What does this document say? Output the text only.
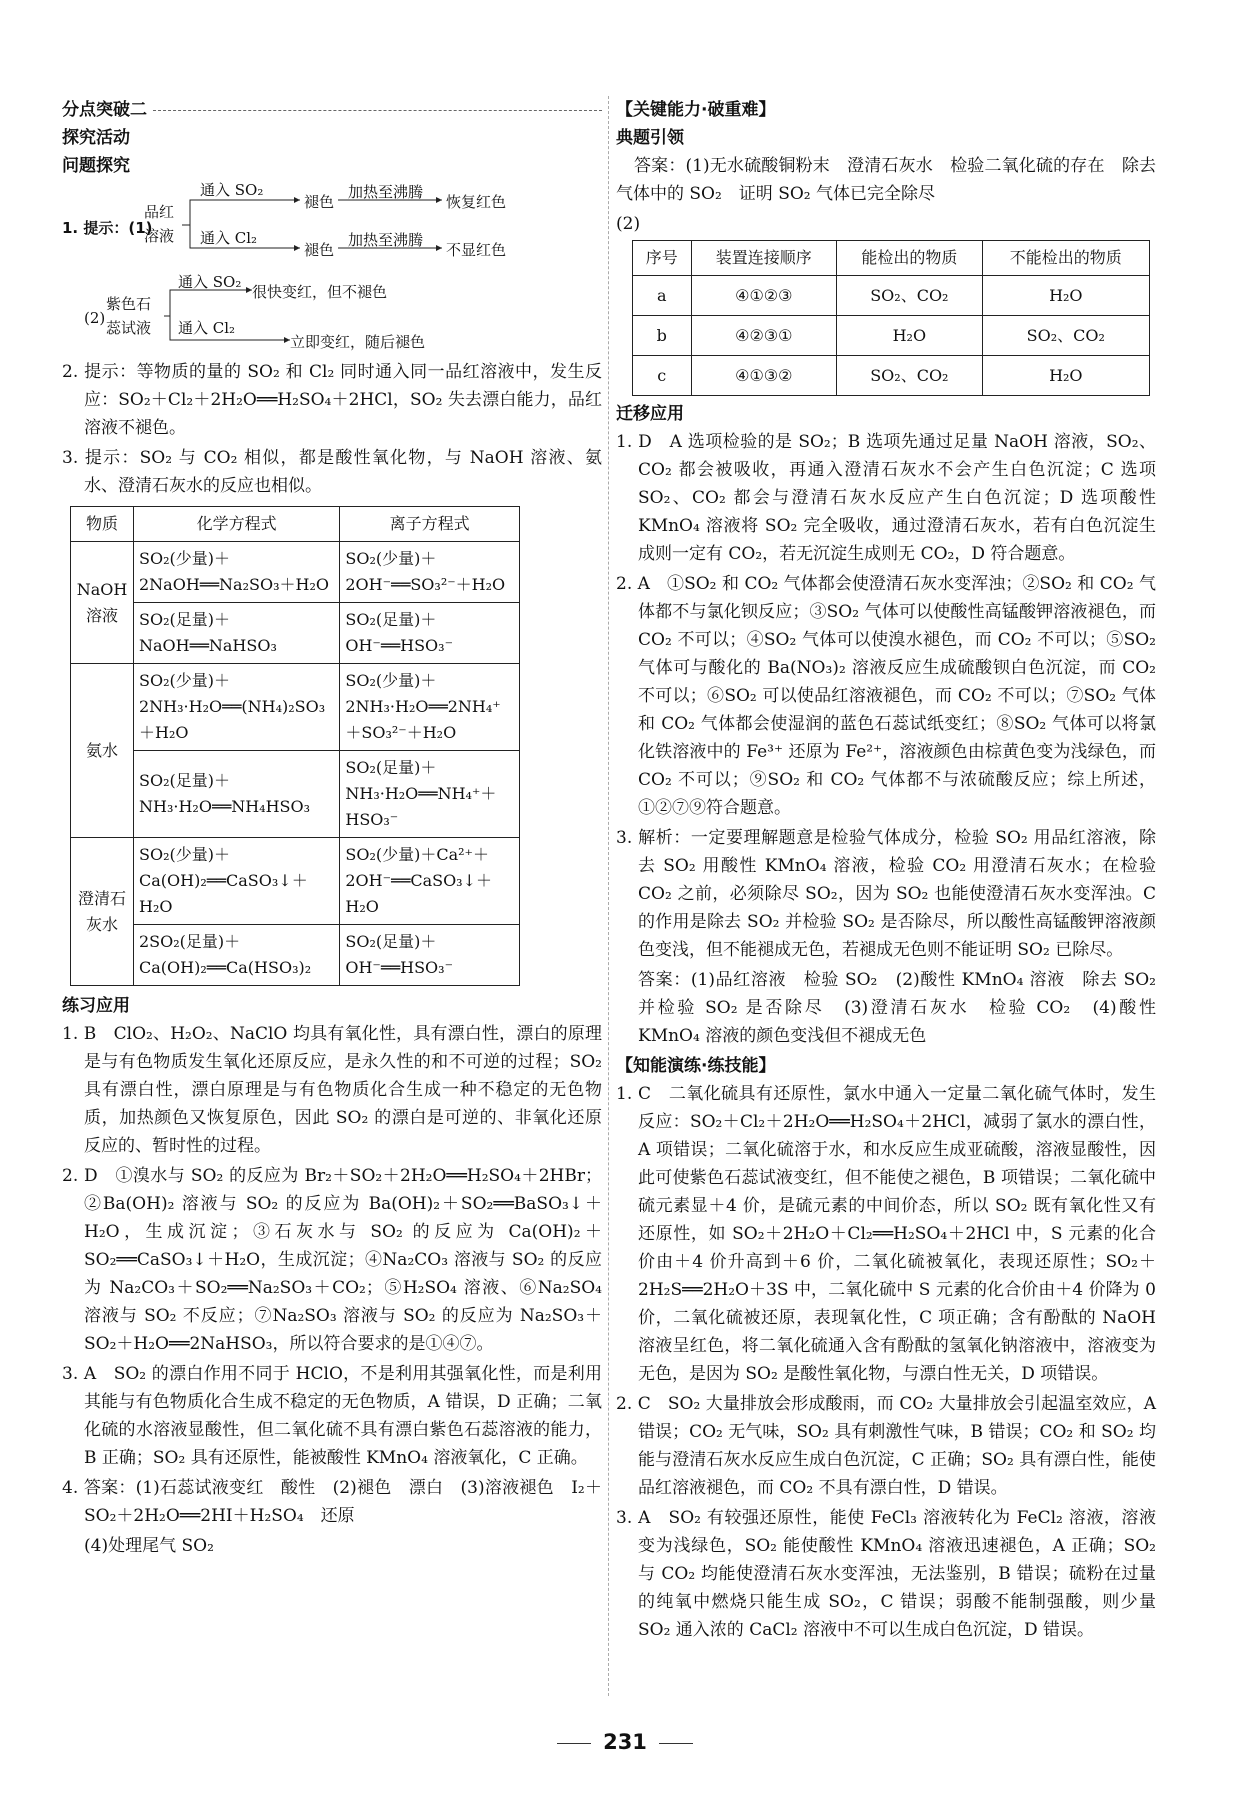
分点突破二
探究活动
问题探究
1. 提示：(1)
品红溶液
通入 SO₂
褪色
加热至沸腾
恢复红色
通入 Cl₂
褪色
加热至沸腾
不显红色
(2)
紫色石蕊试液
通入 SO₂
很快变红，但不褪色
通入 Cl₂
立即变红，随后褪色

2. 提示：等物质的量的 SO₂ 和 Cl₂ 同时通入同一品红溶液中，发生反应：SO₂＋Cl₂＋2H₂O══H₂SO₄＋2HCl，SO₂ 失去漂白能力，品红溶液不褪色。

3. 提示：SO₂ 与 CO₂ 相似，都是酸性氧化物，与 NaOH 溶液、氨水、澄清石灰水的反应也相似。

物质	化学方程式	离子方程式
NaOH溶液	SO₂(少量)＋2NaOH══Na₂SO₃＋H₂O	SO₂(少量)＋2OH⁻══SO₃²⁻＋H₂O
	SO₂(足量)＋NaOH══NaHSO₃	SO₂(足量)＋OH⁻══HSO₃⁻
氨水	SO₂(少量)＋2NH₃·H₂O══(NH₄)₂SO₃＋H₂O	SO₂(少量)＋2NH₃·H₂O══2NH₄⁺＋SO₃²⁻＋H₂O
	SO₂(足量)＋NH₃·H₂O══NH₄HSO₃	SO₂(足量)＋NH₃·H₂O══NH₄⁺＋HSO₃⁻
澄清石灰水	SO₂(少量)＋Ca(OH)₂══CaSO₃↓＋H₂O	SO₂(少量)＋Ca²⁺＋2OH⁻══CaSO₃↓＋H₂O
	2SO₂(足量)＋Ca(OH)₂══Ca(HSO₃)₂	SO₂(足量)＋OH⁻══HSO₃⁻
练习应用

1. B　ClO₂、H₂O₂、NaClO 均具有氧化性，具有漂白性，漂白的原理是与有色物质发生氧化还原反应，是永久性的和不可逆的过程；SO₂ 具有漂白性，漂白原理是与有色物质化合生成一种不稳定的无色物质，加热颜色又恢复原色，因此 SO₂ 的漂白是可逆的、非氧化还原反应的、暂时性的过程。

2. D　①溴水与 SO₂ 的反应为 Br₂＋SO₂＋2H₂O══H₂SO₄＋2HBr；②Ba(OH)₂ 溶液与 SO₂ 的反应为 Ba(OH)₂＋SO₂══BaSO₃↓＋H₂O，生成沉淀；③石灰水与 SO₂ 的反应为 Ca(OH)₂＋SO₂══CaSO₃↓＋H₂O，生成沉淀；④Na₂CO₃ 溶液与 SO₂ 的反应为 Na₂CO₃＋SO₂══Na₂SO₃＋CO₂；⑤H₂SO₄ 溶液、⑥Na₂SO₄ 溶液与 SO₂ 不反应；⑦Na₂SO₃ 溶液与 SO₂ 的反应为 Na₂SO₃＋SO₂＋H₂O══2NaHSO₃，所以符合要求的是①④⑦。

3. A　SO₂ 的漂白作用不同于 HClO，不是利用其强氧化性，而是利用其能与有色物质化合生成不稳定的无色物质，A 错误，D 正确；二氧化硫的水溶液显酸性，但二氧化硫不具有漂白紫色石蕊溶液的能力，B 正确；SO₂ 具有还原性，能被酸性 KMnO₄ 溶液氧化，C 正确。

4. 答案：(1)石蕊试液变红　酸性　(2)褪色　漂白　(3)溶液褪色　I₂＋SO₂＋2H₂O══2HI＋H₂SO₄　还原

(4)处理尾气 SO₂

【关键能力·破重难】
典题引领

答案：(1)无水硫酸铜粉末　澄清石灰水　检验二氧化硫的存在　除去气体中的 SO₂　证明 SO₂ 气体已完全除尽

(2)

序号	装置连接顺序	能检出的物质	不能检出的物质
a	④①②③	SO₂、CO₂	H₂O
b	④②③①	H₂O	SO₂、CO₂
c	④①③②	SO₂、CO₂	H₂O
迁移应用

1. D　A 选项检验的是 SO₂；B 选项先通过足量 NaOH 溶液，SO₂、CO₂ 都会被吸收，再通入澄清石灰水不会产生白色沉淀；C 选项 SO₂、CO₂ 都会与澄清石灰水反应产生白色沉淀；D 选项酸性 KMnO₄ 溶液将 SO₂ 完全吸收，通过澄清石灰水，若有白色沉淀生成则一定有 CO₂，若无沉淀生成则无 CO₂，D 符合题意。

2. A　①SO₂ 和 CO₂ 气体都会使澄清石灰水变浑浊；②SO₂ 和 CO₂ 气体都不与氯化钡反应；③SO₂ 气体可以使酸性高锰酸钾溶液褪色，而 CO₂ 不可以；④SO₂ 气体可以使溴水褪色，而 CO₂ 不可以；⑤SO₂ 气体可与酸化的 Ba(NO₃)₂ 溶液反应生成硫酸钡白色沉淀，而 CO₂ 不可以；⑥SO₂ 可以使品红溶液褪色，而 CO₂ 不可以；⑦SO₂ 气体和 CO₂ 气体都会使湿润的蓝色石蕊试纸变红；⑧SO₂ 气体可以将氯化铁溶液中的 Fe³⁺ 还原为 Fe²⁺，溶液颜色由棕黄色变为浅绿色，而 CO₂ 不可以；⑨SO₂ 和 CO₂ 气体都不与浓硫酸反应；综上所述，①②⑦⑨符合题意。

3. 解析：一定要理解题意是检验气体成分，检验 SO₂ 用品红溶液，除去 SO₂ 用酸性 KMnO₄ 溶液，检验 CO₂ 用澄清石灰水；在检验 CO₂ 之前，必须除尽 SO₂，因为 SO₂ 也能使澄清石灰水变浑浊。C 的作用是除去 SO₂ 并检验 SO₂ 是否除尽，所以酸性高锰酸钾溶液颜色变浅，但不能褪成无色，若褪成无色则不能证明 SO₂ 已除尽。

答案：(1)品红溶液　检验 SO₂　(2)酸性 KMnO₄ 溶液　除去 SO₂ 并检验 SO₂ 是否除尽　(3)澄清石灰水　检验 CO₂　(4)酸性 KMnO₄ 溶液的颜色变浅但不褪成无色

【知能演练·练技能】

1. C　二氧化硫具有还原性，氯水中通入一定量二氧化硫气体时，发生反应：SO₂＋Cl₂＋2H₂O══H₂SO₄＋2HCl，减弱了氯水的漂白性，A 项错误；二氧化硫溶于水，和水反应生成亚硫酸，溶液显酸性，因此可使紫色石蕊试液变红，但不能使之褪色，B 项错误；二氧化硫中硫元素显＋4 价，是硫元素的中间价态，所以 SO₂ 既有氧化性又有还原性，如 SO₂＋2H₂O＋Cl₂══H₂SO₄＋2HCl 中，S 元素的化合价由＋4 价升高到＋6 价，二氧化硫被氧化，表现还原性；SO₂＋2H₂S══2H₂O＋3S 中，二氧化硫中 S 元素的化合价由＋4 价降为 0 价，二氧化硫被还原，表现氧化性，C 项正确；含有酚酞的 NaOH 溶液呈红色，将二氧化硫通入含有酚酞的氢氧化钠溶液中，溶液变为无色，是因为 SO₂ 是酸性氧化物，与漂白性无关，D 项错误。

2. C　SO₂ 大量排放会形成酸雨，而 CO₂ 大量排放会引起温室效应，A 错误；CO₂ 无气味，SO₂ 具有刺激性气味，B 错误；CO₂ 和 SO₂ 均能与澄清石灰水反应生成白色沉淀，C 正确；SO₂ 具有漂白性，能使品红溶液褪色，而 CO₂ 不具有漂白性，D 错误。

3. A　SO₂ 有较强还原性，能使 FeCl₃ 溶液转化为 FeCl₂ 溶液，溶液变为浅绿色，SO₂ 能使酸性 KMnO₄ 溶液迅速褪色，A 正确；SO₂ 与 CO₂ 均能使澄清石灰水变浑浊，无法鉴别，B 错误；硫粉在过量的纯氧中燃烧只能生成 SO₂，C 错误；弱酸不能制强酸，则少量 SO₂ 通入浓的 CaCl₂ 溶液中不可以生成白色沉淀，D 错误。

231
